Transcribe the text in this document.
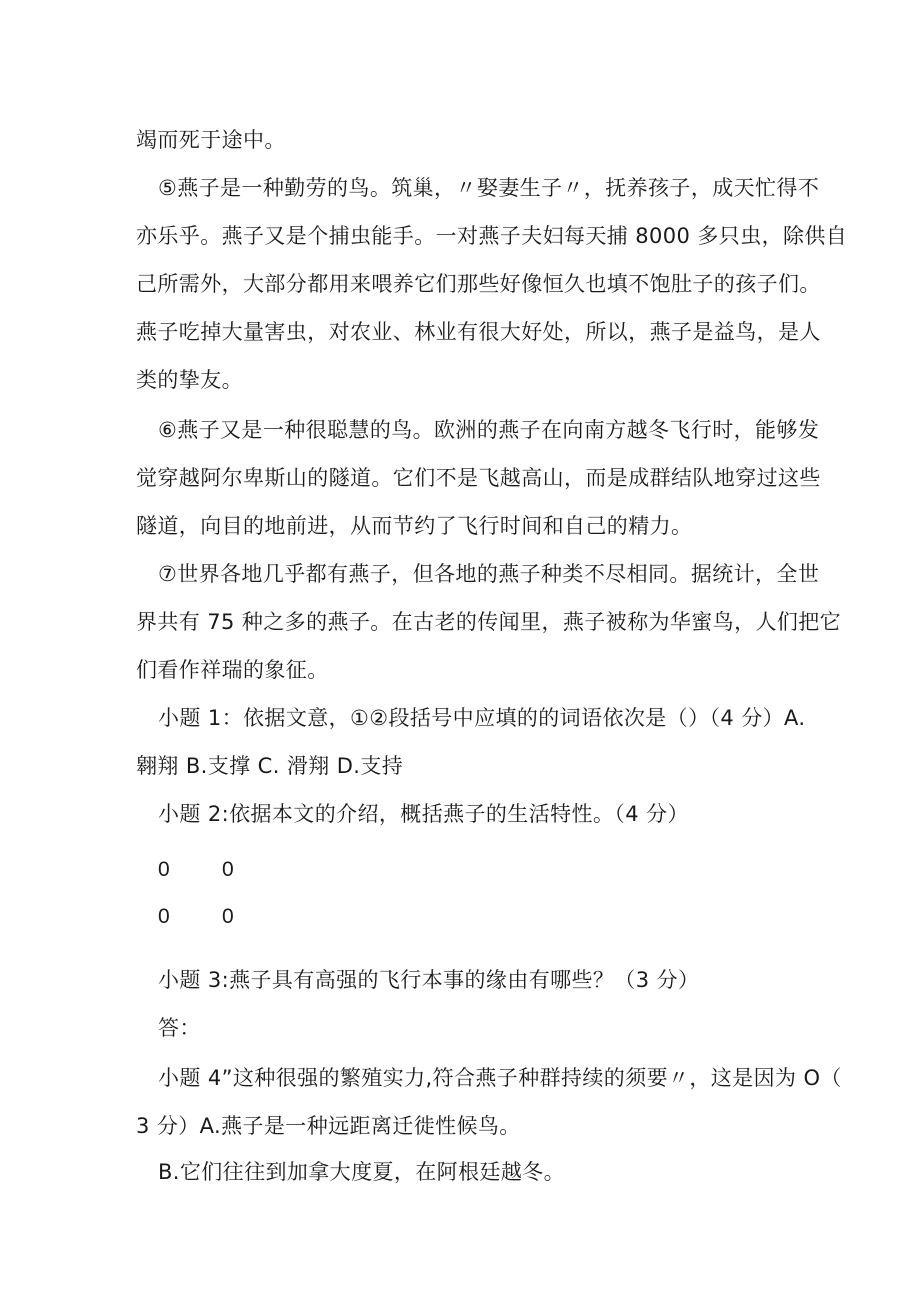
竭而死于途中。
⑤燕子是一种勤劳的鸟。筑巢，〃娶妻生子〃，抚养孩子，成天忙得不
亦乐乎。燕子又是个捕虫能手。一对燕子夫妇每天捕 8000 多只虫，除供自
己所需外，大部分都用来喂养它们那些好像恒久也填不饱肚子的孩子们。
燕子吃掉大量害虫，对农业、林业有很大好处，所以，燕子是益鸟，是人
类的挚友。
⑥燕子又是一种很聪慧的鸟。欧洲的燕子在向南方越冬飞行时，能够发
觉穿越阿尔卑斯山的隧道。它们不是飞越高山，而是成群结队地穿过这些
隧道，向目的地前进，从而节约了飞行时间和自己的精力。
⑦世界各地几乎都有燕子，但各地的燕子种类不尽相同。据统计，全世
界共有 75 种之多的燕子。在古老的传闻里，燕子被称为华蜜鸟，人们把它
们看作祥瑞的象征。
小题 1：依据文意，①②段括号中应填的的词语依次是（）（4 分）A.
翱翔 B.支撑 C. 滑翔 D.支持
小题 2:依据本文的介绍，概括燕子的生活特性。（4 分）
0 0
0 0
小题 3:燕子具有高强的飞行本事的缘由有哪些？（3 分）
答：
小题 4”这种很强的繁殖实力,符合燕子种群持续的须要〃，这是因为 O（
3 分）A.燕子是一种远距离迁徙性候鸟。
B.它们往往到加拿大度夏，在阿根廷越冬。
